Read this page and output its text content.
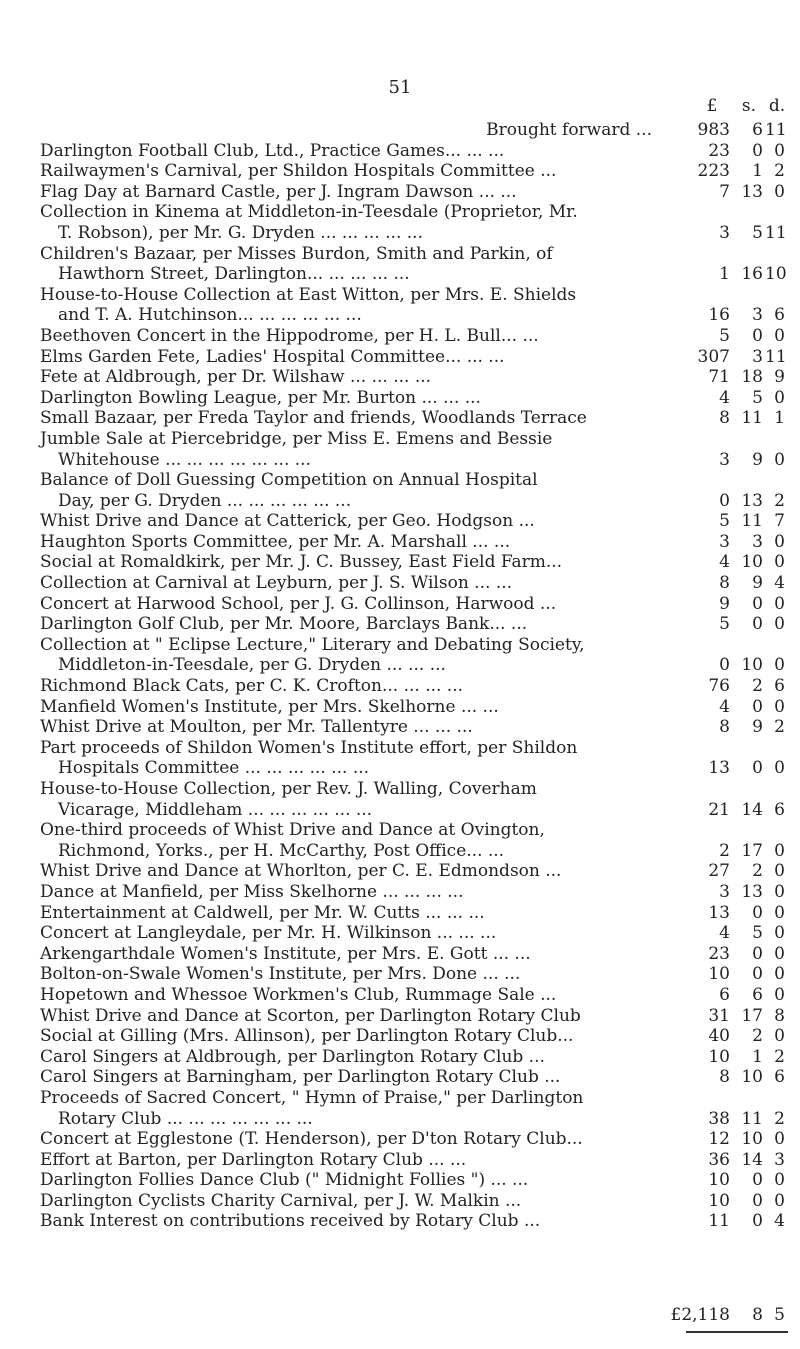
51
£	s. d.
Brought forward ...	983	6 11
Darlington Football Club, Ltd., Practice Games... ... ...	23	0 0
Railwaymen's Carnival, per Shildon Hospitals Committee ...	223	1 2
Flag Day at Barnard Castle, per J. Ingram Dawson ... ...	7 13 0
Collection in Kinema at Middleton-in-Teesdale (Proprietor, Mr.
T. Robson), per Mr. G. Dryden ... ... ... ... ...	3	5 11
Children's Bazaar, per Misses Burdon, Smith and Parkin, of
Hawthorn Street, Darlington... ... ... ... ...	1 16 10
House-to-House Collection at East Witton, per Mrs. E. Shields
and T. A. Hutchinson... ... ... ... ... ...	16	3 6
Beethoven Concert in the Hippodrome, per H. L. Bull... ...	5	0 0
Elms Garden Fete, Ladies' Hospital Committee... ... ...	307	3 11
Fete at Aldbrough, per Dr. Wilshaw ... ... ... ...	71 18 9
Darlington Bowling League, per Mr. Burton ... ... ...	4	5 0
Small Bazaar, per Freda Taylor and friends, Woodlands Terrace	8 11 1
Jumble Sale at Piercebridge, per Miss E. Emens and Bessie
Whitehouse ... ... ... ... ... ... ...	3	9 0
Balance of Doll Guessing Competition on Annual Hospital
Day, per G. Dryden ... ... ... ... ... ...	0 13 2
Whist Drive and Dance at Catterick, per Geo. Hodgson ...	5 11 7
Haughton Sports Committee, per Mr. A. Marshall ... ...	3	3 0
Social at Romaldkirk, per Mr. J. C. Bussey, East Field Farm...	4 10 0
Collection at Carnival at Leyburn, per J. S. Wilson ... ...	8	9 4
Concert at Harwood School, per J. G. Collinson, Harwood ...	9	0 0
Darlington Golf Club, per Mr. Moore, Barclays Bank... ...	5	0 0
Collection at " Eclipse Lecture," Literary and Debating Society,
Middleton-in-Teesdale, per G. Dryden ... ... ...	0 10 0
Richmond Black Cats, per C. K. Crofton... ... ... ...	76	2 6
Manfield Women's Institute, per Mrs. Skelhorne ... ...	4	0 0
Whist Drive at Moulton, per Mr. Tallentyre ... ... ...	8	9 2
Part proceeds of Shildon Women's Institute effort, per Shildon
Hospitals Committee ... ... ... ... ... ...	13	0 0
House-to-House Collection, per Rev. J. Walling, Coverham
Vicarage, Middleham ... ... ... ... ... ...	21 14 6
One-third proceeds of Whist Drive and Dance at Ovington,
Richmond, Yorks., per H. McCarthy, Post Office... ...	2 17 0
Whist Drive and Dance at Whorlton, per C. E. Edmondson ...	27	2 0
Dance at Manfield, per Miss Skelhorne ... ... ... ...	3 13 0
Entertainment at Caldwell, per Mr. W. Cutts ... ... ...	13	0 0
Concert at Langleydale, per Mr. H. Wilkinson ... ... ...	4	5 0
Arkengarthdale Women's Institute, per Mrs. E. Gott ... ...	23	0 0
Bolton-on-Swale Women's Institute, per Mrs. Done ... ...	10	0 0
Hopetown and Whessoe Workmen's Club, Rummage Sale ...	6	6 0
Whist Drive and Dance at Scorton, per Darlington Rotary Club	31 17 8
Social at Gilling (Mrs. Allinson), per Darlington Rotary Club...	40	2 0
Carol Singers at Aldbrough, per Darlington Rotary Club ...	10	1 2
Carol Singers at Barningham, per Darlington Rotary Club ...	8 10 6
Proceeds of Sacred Concert, " Hymn of Praise," per Darlington
Rotary Club ... ... ... ... ... ... ...	38 11 2
Concert at Egglestone (T. Henderson), per D'ton Rotary Club...	12 10 0
Effort at Barton, per Darlington Rotary Club ... ...	36 14 3
Darlington Follies Dance Club (" Midnight Follies ") ... ...	10	0 0
Darlington Cyclists Charity Carnival, per J. W. Malkin ...	10	0 0
Bank Interest on contributions received by Rotary Club ...	11	0 4
£2,118	8 5
